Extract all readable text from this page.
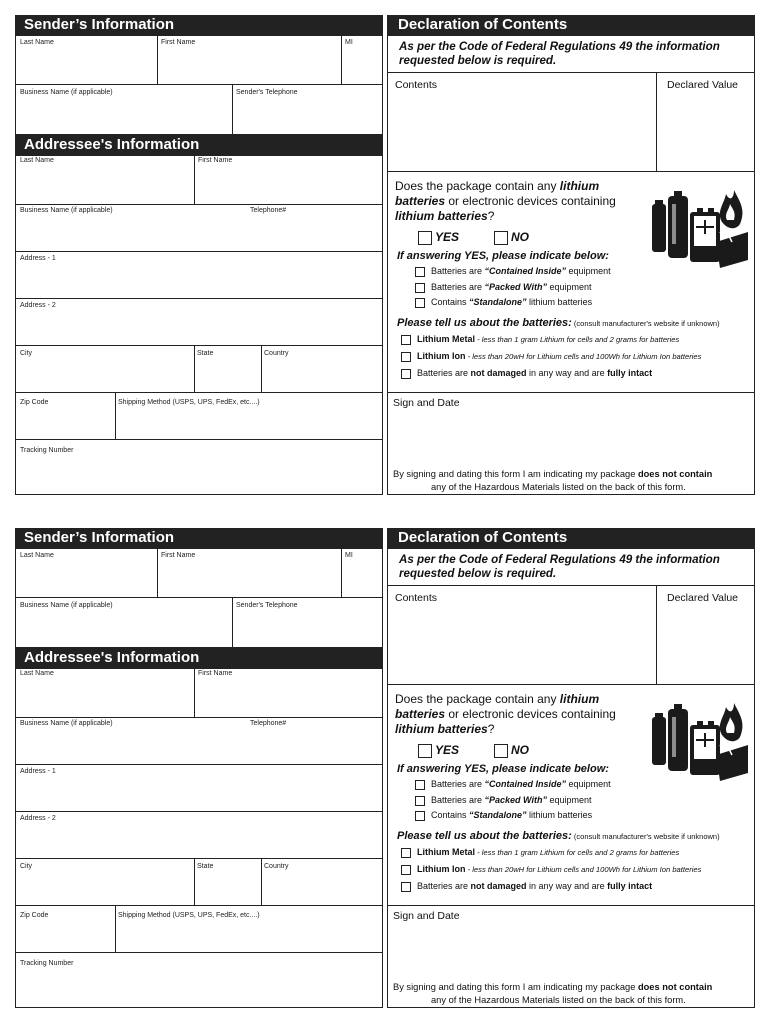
Sender’s Information
Last Name	First Name	MI
Business Name (if applicable)	Sender's Telephone
Addressee's Information
Last Name	First Name
Business Name (if applicable)	Telephone#
Address - 1
Address - 2
City	State	Country
Zip Code	Shipping Method (USPS, UPS, FedEx, etc....)
Tracking Number
Declaration of Contents
As per the Code of Federal Regulations 49 the information
requested below is required.
Contents	Declared Value
Does the package contain any lithium
batteries or electronic devices containing
lithium batteries?
YES	NO
If answering YES, please indicate below:
Batteries are “Contained Inside” equipment
Batteries are “Packed With” equipment
Contains “Standalone” lithium batteries
Please tell us about the batteries: (consult manufacturer's website if unknown)
Lithium Metal - less than 1 gram Lithium for cells and 2 grams for batteries
Lithium Ion - less than 20wH for Lithium cells and 100Wh for Lithium Ion batteries
Batteries are not damaged in any way and are fully intact
Sign and Date
By signing and dating this form I am indicating my package does not contain
any of the Hazardous Materials listed on the back of this form.
Sender’s Information
Last Name	First Name	MI
Business Name (if applicable)	Sender's Telephone
Addressee's Information
Last Name	First Name
Business Name (if applicable)	Telephone#
Address - 1
Address - 2
City	State	Country
Zip Code	Shipping Method (USPS, UPS, FedEx, etc....)
Tracking Number
Declaration of Contents
As per the Code of Federal Regulations 49 the information
requested below is required.
Contents	Declared Value
Does the package contain any lithium
batteries or electronic devices containing
lithium batteries?
YES	NO
If answering YES, please indicate below:
Batteries are “Contained Inside” equipment
Batteries are “Packed With” equipment
Contains “Standalone” lithium batteries
Please tell us about the batteries: (consult manufacturer's website if unknown)
Lithium Metal - less than 1 gram Lithium for cells and 2 grams for batteries
Lithium Ion - less than 20wH for Lithium cells and 100Wh for Lithium Ion batteries
Batteries are not damaged in any way and are fully intact
Sign and Date
By signing and dating this form I am indicating my package does not contain
any of the Hazardous Materials listed on the back of this form.
